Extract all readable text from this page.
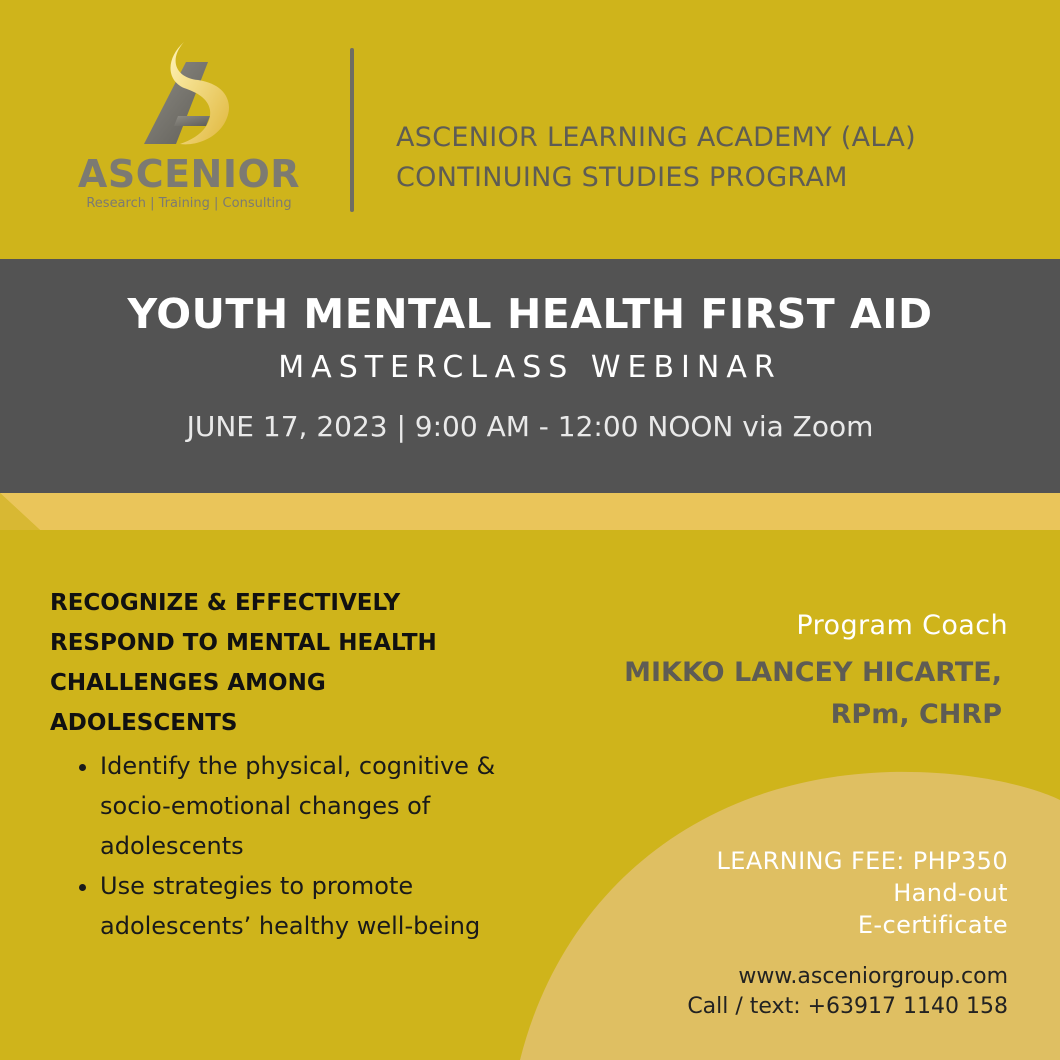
ASCENIOR
Research | Training | Consulting
ASCENIOR LEARNING ACADEMY (ALA)
CONTINUING STUDIES PROGRAM
YOUTH MENTAL HEALTH FIRST AID
MASTERCLASS WEBINAR
JUNE 17, 2023 | 9:00 AM - 12:00 NOON via Zoom
RECOGNIZE & EFFECTIVELY RESPOND TO MENTAL HEALTH CHALLENGES AMONG ADOLESCENTS
• Identify the physical, cognitive & socio-emotional changes of adolescents
• Use strategies to promote adolescents’ healthy well-being
Program Coach
MIKKO LANCEY HICARTE,
RPm, CHRP
LEARNING FEE: PHP350
Hand-out
E-certificate
www.asceniorgroup.com
Call / text: +63917 1140 158
